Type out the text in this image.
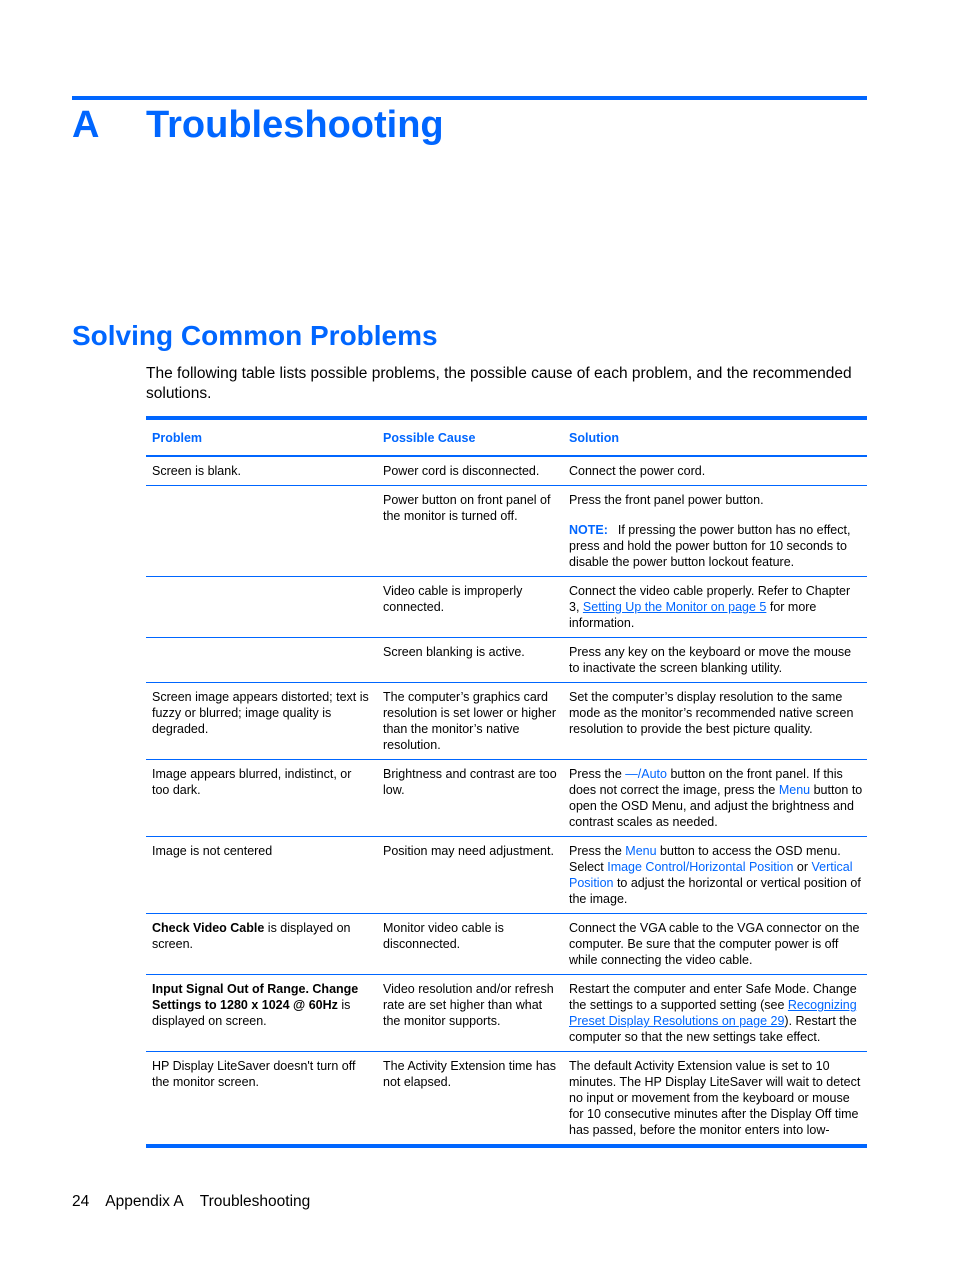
A Troubleshooting
Solving Common Problems
The following table lists possible problems, the possible cause of each problem, and the recommended solutions.
Problem	Possible Cause	Solution
Screen is blank.	Power cord is disconnected.	Connect the power cord.
	Power button on front panel of the monitor is turned off.	Press the front panel power button.
NOTE: If pressing the power button has no effect, press and hold the power button for 10 seconds to disable the power button lockout feature.

	Video cable is improperly connected.	Connect the video cable properly. Refer to Chapter 3, Setting Up the Monitor on page 5 for more information.
	Screen blanking is active.	Press any key on the keyboard or move the mouse to inactivate the screen blanking utility.
Screen image appears distorted; text is fuzzy or blurred; image quality is degraded.	The computer’s graphics card resolution is set lower or higher than the monitor’s native resolution.	Set the computer’s display resolution to the same mode as the monitor’s recommended native screen resolution to provide the best picture quality.
Image appears blurred, indistinct, or too dark.	Brightness and contrast are too low.	Press the —/Auto button on the front panel. If this does not correct the image, press the Menu button to open the OSD Menu, and adjust the brightness and contrast scales as needed.
Image is not centered	Position may need adjustment.	Press the Menu button to access the OSD menu. Select Image Control/Horizontal Position or Vertical Position to adjust the horizontal or vertical position of the image.
Check Video Cable is displayed on screen.	Monitor video cable is disconnected.	Connect the VGA cable to the VGA connector on the computer. Be sure that the computer power is off while connecting the video cable.
Input Signal Out of Range. Change Settings to 1280 x 1024 @ 60Hz is displayed on screen.	Video resolution and/or refresh rate are set higher than what the monitor supports.	Restart the computer and enter Safe Mode. Change the settings to a supported setting (see Recognizing Preset Display Resolutions on page 29). Restart the computer so that the new settings take effect.
HP Display LiteSaver doesn't turn off the monitor screen.	The Activity Extension time has not elapsed.	The default Activity Extension value is set to 10 minutes. The HP Display LiteSaver will wait to detect no input or movement from the keyboard or mouse for 10 consecutive minutes after the Display Off time has passed, before the monitor enters into low-
24 Appendix A Troubleshooting
